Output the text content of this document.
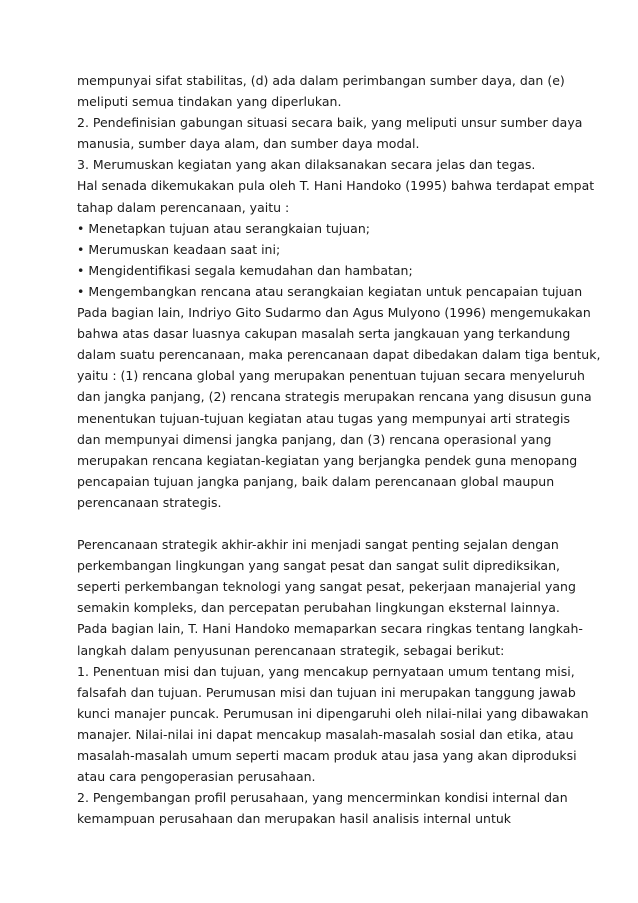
mempunyai sifat stabilitas, (d) ada dalam perimbangan sumber daya, dan (e)
meliputi semua tindakan yang diperlukan.
2. Pendefinisian gabungan situasi secara baik, yang meliputi unsur sumber daya
manusia, sumber daya alam, dan sumber daya modal.
3. Merumuskan kegiatan yang akan dilaksanakan secara jelas dan tegas.
Hal senada dikemukakan pula oleh T. Hani Handoko (1995) bahwa terdapat empat
tahap dalam perencanaan, yaitu :
• Menetapkan tujuan atau serangkaian tujuan;
• Merumuskan keadaan saat ini;
• Mengidentifikasi segala kemudahan dan hambatan;
• Mengembangkan rencana atau serangkaian kegiatan untuk pencapaian tujuan
Pada bagian lain, Indriyo Gito Sudarmo dan Agus Mulyono (1996) mengemukakan
bahwa atas dasar luasnya cakupan masalah serta jangkauan yang terkandung
dalam suatu perencanaan, maka perencanaan dapat dibedakan dalam tiga bentuk,
yaitu : (1) rencana global yang merupakan penentuan tujuan secara menyeluruh
dan jangka panjang, (2) rencana strategis merupakan rencana yang disusun guna
menentukan tujuan-tujuan kegiatan atau tugas yang mempunyai arti strategis
dan mempunyai dimensi jangka panjang, dan (3) rencana operasional yang
merupakan rencana kegiatan-kegiatan yang berjangka pendek guna menopang
pencapaian tujuan jangka panjang, baik dalam perencanaan global maupun
perencanaan strategis.
Perencanaan strategik akhir-akhir ini menjadi sangat penting sejalan dengan
perkembangan lingkungan yang sangat pesat dan sangat sulit diprediksikan,
seperti perkembangan teknologi yang sangat pesat, pekerjaan manajerial yang
semakin kompleks, dan percepatan perubahan lingkungan eksternal lainnya.
Pada bagian lain, T. Hani Handoko memaparkan secara ringkas tentang langkah-
langkah dalam penyusunan perencanaan strategik, sebagai berikut:
1. Penentuan misi dan tujuan, yang mencakup pernyataan umum tentang misi,
falsafah dan tujuan. Perumusan misi dan tujuan ini merupakan tanggung jawab
kunci manajer puncak. Perumusan ini dipengaruhi oleh nilai-nilai yang dibawakan
manajer. Nilai-nilai ini dapat mencakup masalah-masalah sosial dan etika, atau
masalah-masalah umum seperti macam produk atau jasa yang akan diproduksi
atau cara pengoperasian perusahaan.
2. Pengembangan profil perusahaan, yang mencerminkan kondisi internal dan
kemampuan perusahaan dan merupakan hasil analisis internal untuk
